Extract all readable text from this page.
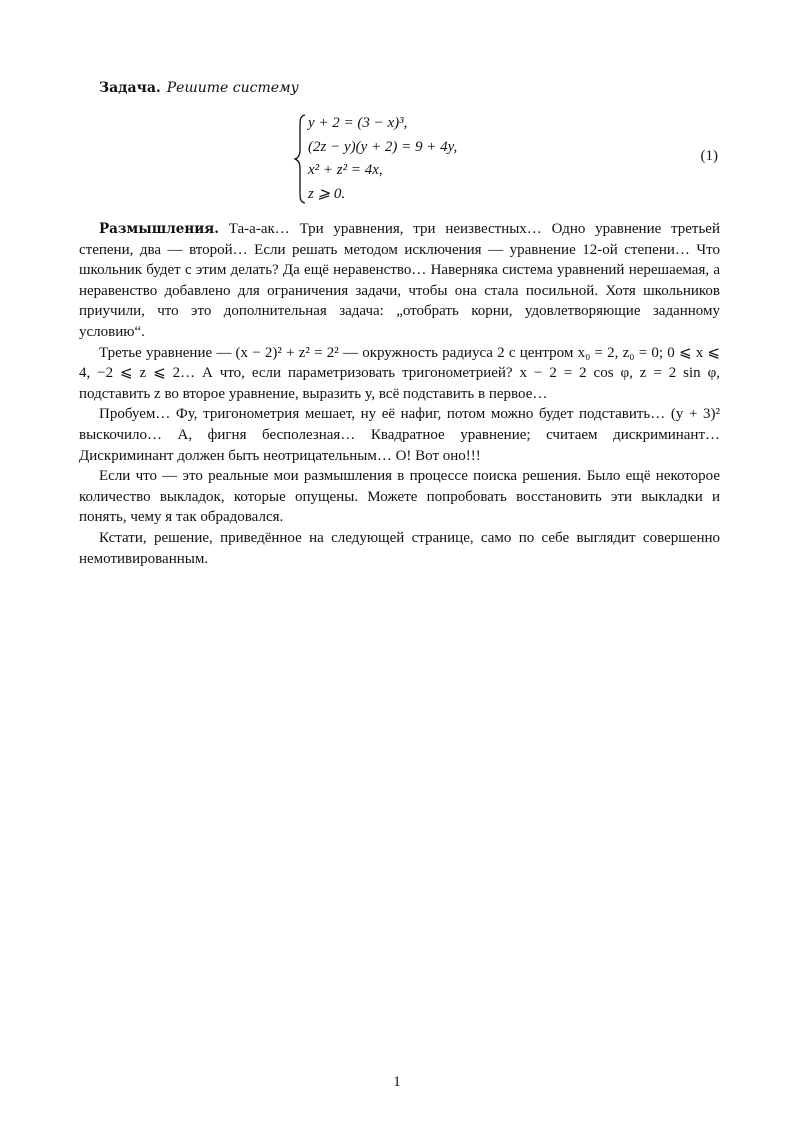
Задача. Решите систему
y + 2 = (3 − x)³,
(2z − y)(y + 2) = 9 + 4y,
x² + z² = 4x,
z ⩾ 0.
(1)

Размышления. Та-а-ак… Три уравнения, три неизвестных… Одно уравнение третьей степени, два — второй… Если решать методом исключения — уравнение 12-ой степени… Что школьник будет с этим делать? Да ещё неравенство… Наверняка система уравнений нерешаемая, а неравенство добавлено для ограничения задачи, чтобы она стала посильной. Хотя школьников приучили, что это дополнительная задача: „отобрать корни, удовлетворяющие заданному условию“.

Третье уравнение — (x − 2)² + z² = 2² — окружность радиуса 2 с центром x₀ = 2, z₀ = 0; 0 ⩽ x ⩽ 4, −2 ⩽ z ⩽ 2… А что, если параметризовать тригонометрией? x − 2 = 2 cos φ, z = 2 sin φ, подставить z во второе уравнение, выразить y, всё подставить в первое…

Пробуем… Фу, тригонометрия мешает, ну её нафиг, потом можно будет подставить… (y + 3)² выскочило… А, фигня бесполезная… Квадратное уравнение; считаем дискриминант… Дискриминант должен быть неотрицательным… О! Вот оно!!!

Если что — это реальные мои размышления в процессе поиска решения. Было ещё некоторое количество выкладок, которые опущены. Можете попробовать восстановить эти выкладки и понять, чему я так обрадовался.

Кстати, решение, приведённое на следующей странице, само по себе выглядит совершенно немотивированным.

1
